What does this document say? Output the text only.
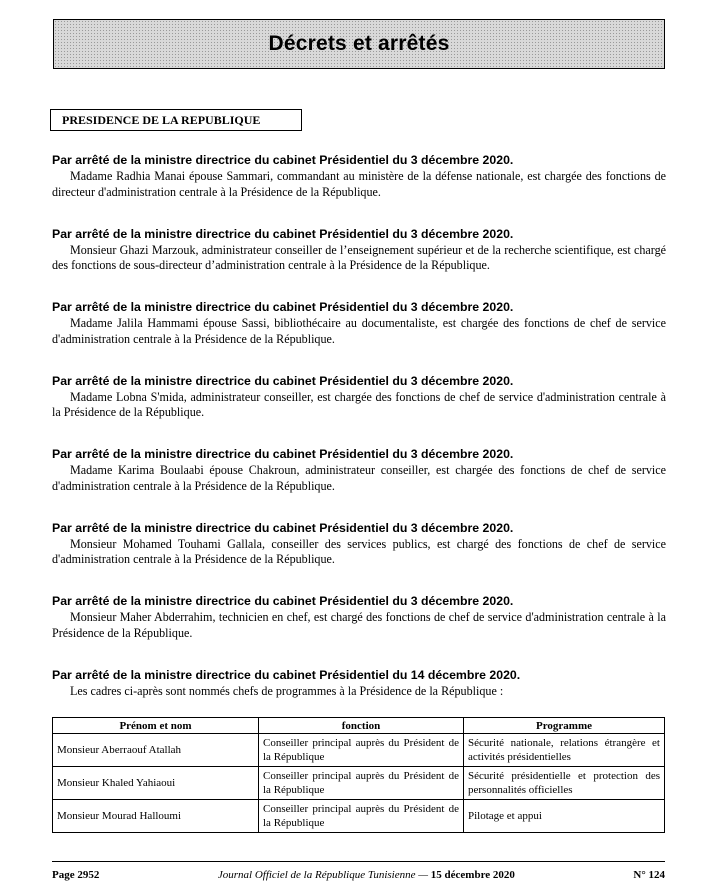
Décrets et arrêtés
PRESIDENCE DE LA REPUBLIQUE
Par arrêté de la ministre directrice du cabinet Présidentiel du 3 décembre 2020.

Madame Radhia Manai épouse Sammari, commandant au ministère de la défense nationale, est chargée des fonctions de directeur d'administration centrale à la Présidence de la République.

Par arrêté de la ministre directrice du cabinet Présidentiel du 3 décembre 2020.

Monsieur Ghazi Marzouk, administrateur conseiller de l’enseignement supérieur et de la recherche scientifique, est chargé des fonctions de sous-directeur d’administration centrale à la Présidence de la République.

Par arrêté de la ministre directrice du cabinet Présidentiel du 3 décembre 2020.

Madame Jalila Hammami épouse Sassi, bibliothécaire au documentaliste, est chargée des fonctions de chef de service d'administration centrale à la Présidence de la République.

Par arrêté de la ministre directrice du cabinet Présidentiel du 3 décembre 2020.

Madame Lobna S'mida, administrateur conseiller, est chargée des fonctions de chef de service d'administration centrale à la Présidence de la République.

Par arrêté de la ministre directrice du cabinet Présidentiel du 3 décembre 2020.

Madame Karima Boulaabi épouse Chakroun, administrateur conseiller, est chargée des fonctions de chef de service d'administration centrale à la Présidence de la République.

Par arrêté de la ministre directrice du cabinet Présidentiel du 3 décembre 2020.

Monsieur Mohamed Touhami Gallala, conseiller des services publics, est chargé des fonctions de chef de service d'administration centrale à la Présidence de la République.

Par arrêté de la ministre directrice du cabinet Présidentiel du 3 décembre 2020.

Monsieur Maher Abderrahim, technicien en chef, est chargé des fonctions de chef de service d'administration centrale à la Présidence de la République.

Par arrêté de la ministre directrice du cabinet Présidentiel du 14 décembre 2020.

Les cadres ci-après sont nommés chefs de programmes à la Présidence de la République :

Prénom et nom	fonction	Programme
Monsieur Aberraouf Atallah	Conseiller principal auprès du Président de la République	Sécurité nationale, relations étrangère et activités présidentielles
Monsieur Khaled Yahiaoui	Conseiller principal auprès du Président de la République	Sécurité présidentielle et protection des personnalités officielles
Monsieur Mourad Halloumi	Conseiller principal auprès du Président de la République	Pilotage et appui
Page 2952	Journal Officiel de la République Tunisienne — 15 décembre 2020	N° 124
